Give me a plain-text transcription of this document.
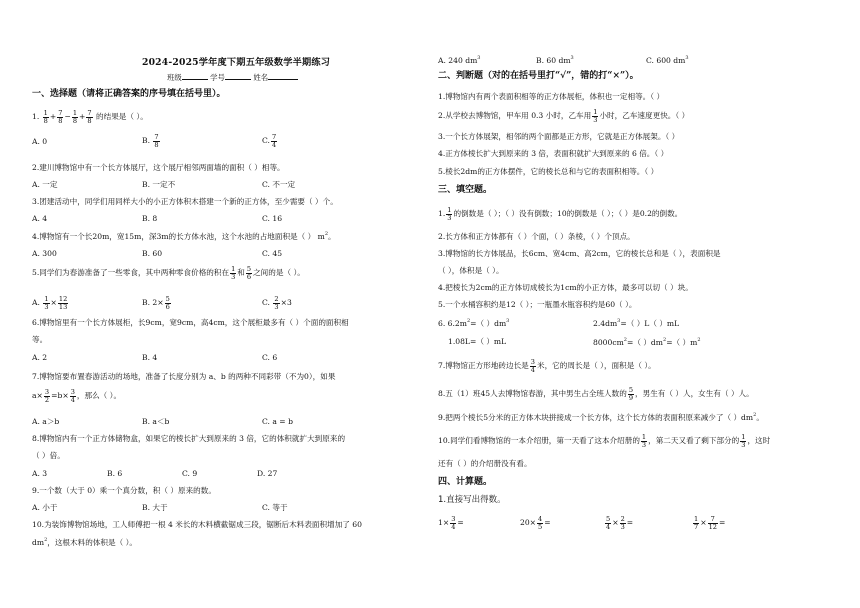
2024-2025学年度下期五年级数学半期练习
班级	学号	姓名
一、选择题（请将正确答案的序号填在括号里）。
1. $\frac{1}{8} + \frac{7}{8} - \frac{1}{8} + \frac{7}{8}$ 的结果是（ ）。
A. 0	B. $\frac{7}{8}$	C. $\frac{7}{4}$
2.建川博物馆中有一个长方体展厅，这个展厅相邻两面墙的面积（ ）相等。
A. 一定	B. 一定不	C. 不一定
3.团建活动中，同学们用同样大小的小正方体积木搭建一个新的正方体，至少需要（ ）个。
A. 4	B. 8	C. 16
4.博物馆有一个长20m，宽15m，深3m的长方体水池，这个水池的占地面积是（ ） $m^2$。
A. 300	B. 60	C. 45
5.同学们为春游准备了一些零食，其中两种零食价格的积在 $\frac{1}{3}$ 和 $\frac{5}{6}$ 之间的是（ ）。
A. $\frac{1}{3} \times \frac{12}{13}$	B. $2\times \frac{5}{6}$	C. $\frac{2}{3} \times 3$
6.博物馆里有一个长方体展柜，长9cm，宽9cm，高4cm，这个展柜最多有（ ）个面的面积相
等。
A. 2	B. 4	C. 6
7.博物馆要布置春游活动的场地，准备了长度分别为 a、b 的两种不同彩带（不为0），如果
$a\times \frac{3}{2} =b\times \frac{3}{4}$ ，那么（ ）。
A. a＞b	B. a＜b	C. a = b
8.博物馆内有一个正方体储物盒，如果它的棱长扩大到原来的 3 倍，它的体积就扩大到原来的
（ ）倍。
A. 3	B. 6	C. 9	D. 27
9.一个数（大于 0）乘一个真分数，积（ ）原来的数。
A. 小于	B. 大于	C. 等于
10.为装饰博物馆场地，工人师傅把一根 4 米长的木料横截锯成三段，锯断后木料表面积增加了 60
$dm^2$，这根木料的体积是（ ）。
A. 240 $dm^3$	B. 60 $dm^3$	C. 600 $dm^3$
二、判断题（对的在括号里打“√”，错的打“×”）。
1.博物馆内有两个表面积相等的正方体展柜，体积也一定相等。（ ）
2.从学校去博物馆，甲车用 0.3 小时，乙车用 $\frac{1}{3}$ 小时，乙车速度更快。（ ）
3.一个长方体展架，相邻的两个面都是正方形，它就是正方体展架。（ ）
4.正方体棱长扩大到原来的 3 倍，表面积就扩大到原来的 6 倍。（ ）
5.棱长2dm的正方体摆件，它的棱长总和与它的表面积相等。（ ）
三、填空题。
1. $\frac{1}{3}$ 的倒数是（ ）；（ ）没有倒数；10的倒数是（ ）；（ ）是0.2的倒数。
2.长方体和正方体都有（ ）个面，（ ）条棱，（ ）个顶点。
3.博物馆的长方体展品，长6cm、宽4cm、高2cm，它的棱长总和是（ ），表面积是
（ ），体积是（ ）。
4.把棱长为2cm的正方体切成棱长为1cm的小正方体，最多可以切（ ）块。
5.一个水桶容积约是12（ ）；一瓶墨水瓶容积约是60（ ）。
6. $6.2m^2=$（ ）$dm^3$	$2.4dm^3=$（ ）L（ ）mL
1.08L=（ ）mL	$8000cm^2=$（ ）$dm^2=$（ ）$m^2$
7.博物馆正方形地砖边长是 $\frac{3}{4}$ 米，它的周长是（ ），面积是（ ）。
8.五（1）班45人去博物馆春游，其中男生占全班人数的 $\frac{5}{9}$ ，男生有（ ）人，女生有（ ）人。
9.把两个棱长5分米的正方体木块拼接成一个长方体，这个长方体的表面积原来减少了（ ）$dm^2$。
10.同学们看博物馆的一本介绍册，第一天看了这本介绍册的 $\frac{1}{3}$ ，第二天又看了剩下部分的 $\frac{1}{3}$ ，这时
还有（ ）的介绍册没有看。
四、计算题。
1.直接写出得数。
$1\times \frac{3}{4}$ =	$20\times \frac{4}{5}$ =	$\frac{5}{4} \times \frac{2}{3}$ =	$\frac{1}{7} \times \frac{7}{12}$ =
